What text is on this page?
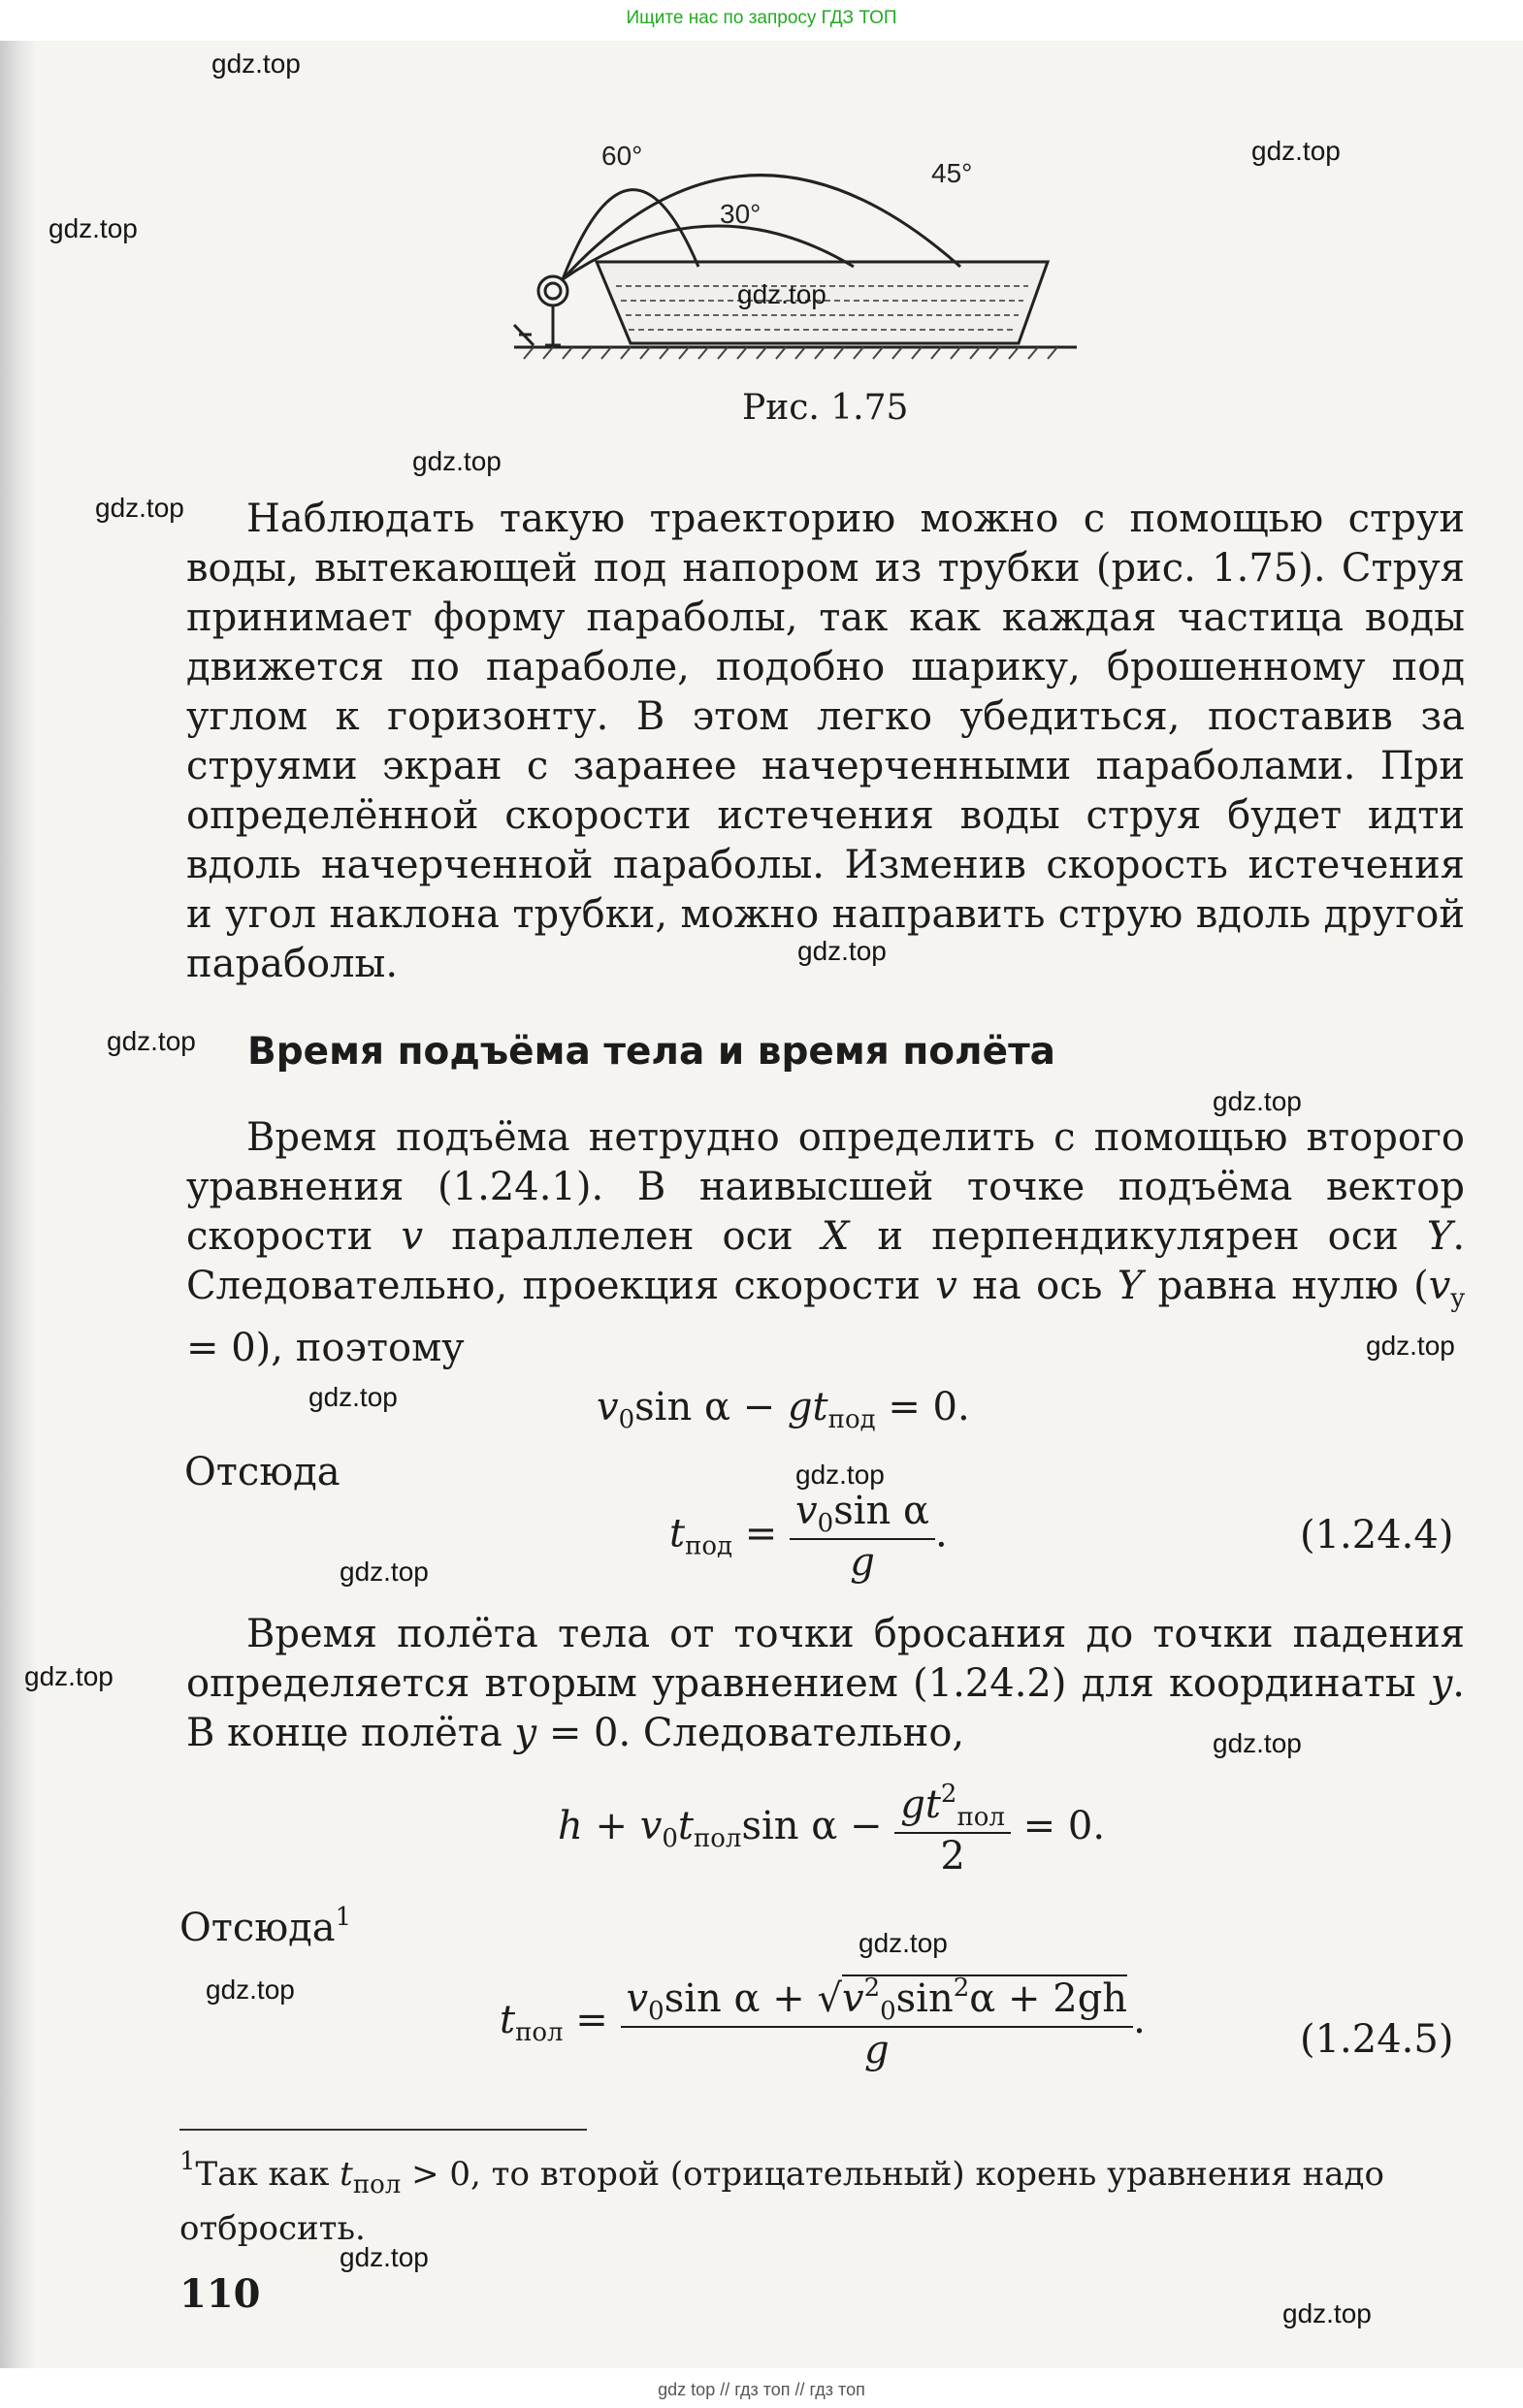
Ищите нас по запросу ГДЗ ТОП
60°
45°
30°
Рис. 1.75

Наблюдать такую траекторию можно с помощью струи воды, вытекающей под напором из трубки (рис. 1.75). Струя принимает форму параболы, так как каждая частица воды движется по параболе, подобно шарику, брошенному под углом к горизонту. В этом легко убедиться, поставив за струями экран с заранее начерченными параболами. При определённой скорости истечения воды струя будет идти вдоль начерченной параболы. Изменив скорость истечения и угол наклона трубки, можно направить струю вдоль другой параболы.

Время подъёма тела и время полёта

Время подъёма нетрудно определить с помощью второго уравнения (1.24.1). В наивысшей точке подъёма вектор скорости v параллелен оси X и перпендикулярен оси Y. Следовательно, проекция скорости v на ось Y равна нулю $(v_y = 0)$, поэтому

$v_0\sin$ $\alpha - gt_{под} = 0$.
Отсюда
$t_{под} = \frac{v_0\sin \alpha}{g}$ .	(1.24.4)

Время полёта тела от точки бросания до точки падения определяется вторым уравнением (1.24.2) для координаты y. В конце полёта y = 0. Следовательно,

$h + v_0t_{пол}\sin$ $\alpha - \frac{gt^2_{пол}}{2} = 0$.
Отсюда$^1$
$t_{пол} = \frac{v_0\sin \alpha + √v^2_0\sin^2\alpha + 2gh}{g}$ .	(1.24.5)
$^1$Так как $t_{пол} > 0$, то второй (отрицательный) корень уравнения надо отбросить.
110
gdz.top
gdz.top
gdz.top
gdz.top
gdz.top
gdz.top
gdz.top
gdz.top
gdz.top
gdz.top
gdz.top
gdz.top
gdz.top
gdz.top
gdz.top
gdz.top
gdz.top
gdz.top
gdz.top
gdz top // гдз топ // гдз топ
